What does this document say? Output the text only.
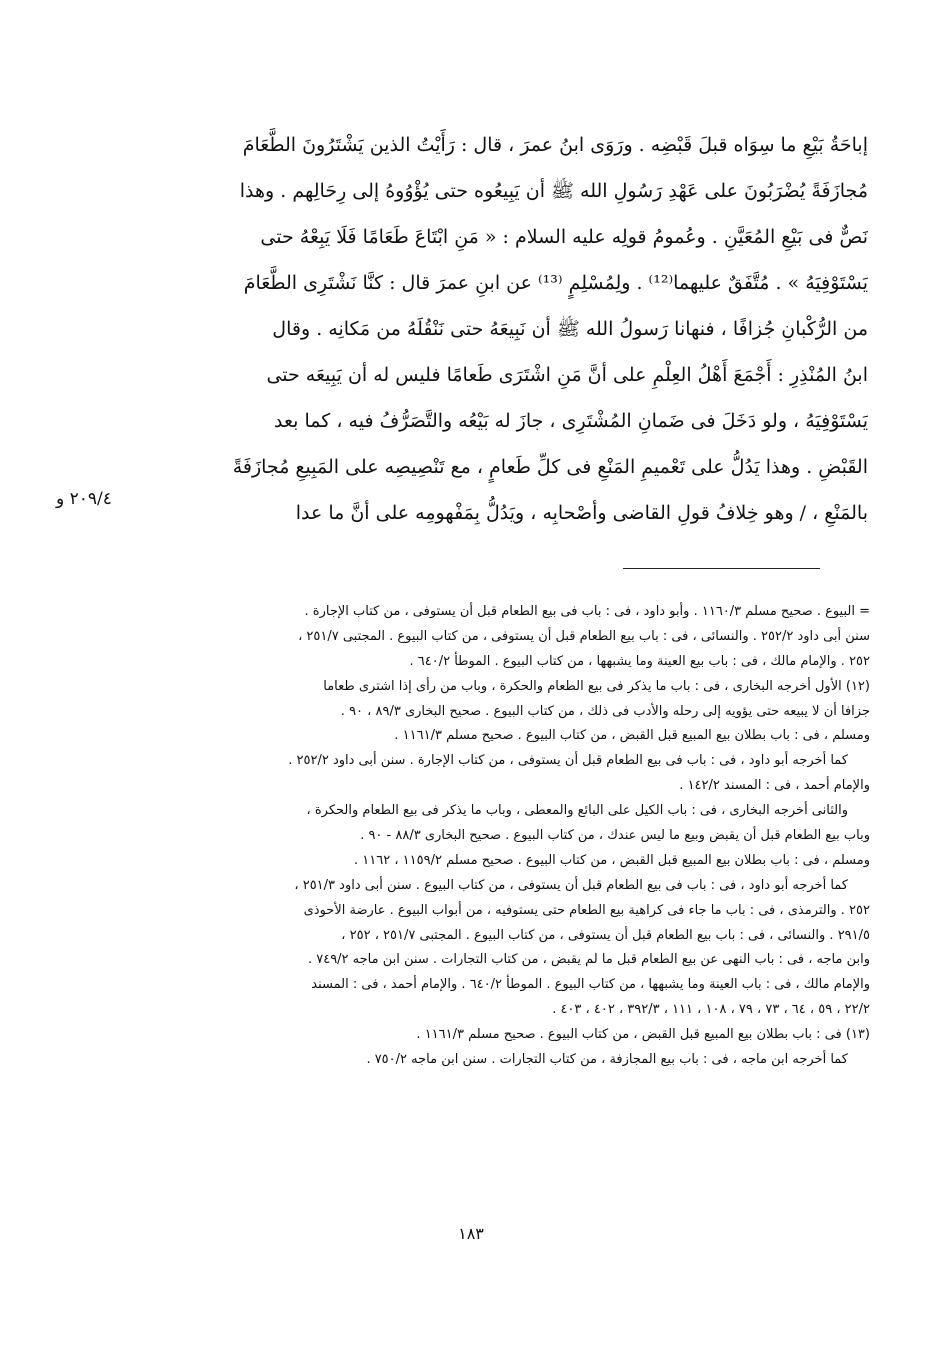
إباحَةُ بَيْعِ ما سِوَاه قبلَ قَبْضِه . ورَوَى ابنُ عمرَ ، قال : رَأَيْتُ الذين يَشْتَرُونَ الطَّعَامَ
مُجازَفَةً يُضْرَبُونَ على عَهْدِ رَسُولِ الله ﷺ أن يَبِيعُوه حتى يُؤْوُوهُ إلى رِحَالِهم . وهذا
نَصٌّ فى بَيْعِ المُعَيَّنِ . وعُمومُ قولِه عليه السلام : « مَنِ ابْتَاعَ طَعَامًا فَلَا يَبِعْهُ حتى
يَسْتَوْفِيَهُ » . مُتَّفَقٌ عليهما⁽¹²⁾ . ولِمُسْلِمٍ ⁽¹³⁾ عن ابنِ عمرَ قال : كنَّا نَشْتَرِى الطَّعَامَ
من الرُّكْبانِ جُزافًا ، فنهانا رَسولُ الله ﷺ أن نَبِيعَهُ حتى نَنْقُلَهُ من مَكانِه . وقال
ابنُ المُنْذِرِ : أَجْمَعَ أَهْلُ العِلْمِ على أنَّ مَنِ اشْتَرَى طَعامًا فليس له أن يَبِيعَه حتى
يَسْتَوْفِيَهُ ، ولو دَخَلَ فى ضَمانِ المُشْتَرِى ، جازَ له بَيْعُه والتَّصَرُّفُ فيه ، كما بعد
القَبْضِ . وهذا يَدُلُّ على تَعْميمِ المَنْعِ فى كلِّ طَعامٍ ، مع تَنْصِيصِه على المَبِيعِ مُجازَفَةً
بالمَنْعِ ، / وهو خِلافُ قولِ القاضى وأصْحابِه ، ويَدُلُّ بِمَفْهومِه على أنَّ ما عدا
٢٠٩/٤ و
= البيوع . صحيح مسلم ١١٦٠/٣ . وأبو داود ، فى : باب فى بيع الطعام قبل أن يستوفى ، من كتاب الإجارة .
سنن أبى داود ٢٥٢/٢ . والنسائى ، فى : باب بيع الطعام قبل أن يستوفى ، من كتاب البيوع . المجتبى ٢٥١/٧ ،
٢٥٢ . والإمام مالك ، فى : باب بيع العينة وما يشبهها ، من كتاب البيوع . الموطأ ٦٤٠/٢ .
(١٢) الأول أخرجه البخارى ، فى : باب ما يذكر فى بيع الطعام والحكرة ، وباب من رأى إذا اشترى طعاما
جزافا أن لا يبيعه حتى يؤويه إلى رحله والأدب فى ذلك ، من كتاب البيوع . صحيح البخارى ٨٩/٣ ، ٩٠ .
ومسلم ، فى : باب بطلان بيع المبيع قبل القبض ، من كتاب البيوع . صحيح مسلم ١١٦١/٣ .
كما أخرجه أبو داود ، فى : باب فى بيع الطعام قبل أن يستوفى ، من كتاب الإجارة . سنن أبى داود ٢٥٢/٢ .
والإمام أحمد ، فى : المسند ١٤٢/٢ .
والثانى أخرجه البخارى ، فى : باب الكيل على البائع والمعطى ، وباب ما يذكر فى بيع الطعام والحكرة ،
وباب بيع الطعام قبل أن يقبض وبيع ما ليس عندك ، من كتاب البيوع . صحيح البخارى ٨٨/٣ - ٩٠ .
ومسلم ، فى : باب بطلان بيع المبيع قبل القبض ، من كتاب البيوع . صحيح مسلم ١١٥٩/٢ ، ١١٦٢ .
كما أخرجه أبو داود ، فى : باب فى بيع الطعام قبل أن يستوفى ، من كتاب البيوع . سنن أبى داود ٢٥١/٣ ،
٢٥٢ . والترمذى ، فى : باب ما جاء فى كراهية بيع الطعام حتى يستوفيه ، من أبواب البيوع . عارضة الأحوذى
٢٩١/٥ . والنسائى ، فى : باب بيع الطعام قبل أن يستوفى ، من كتاب البيوع . المجتبى ٢٥١/٧ ، ٢٥٢ ،
وابن ماجه ، فى : باب النهى عن بيع الطعام قبل ما لم يقبض ، من كتاب التجارات . سنن ابن ماجه ٧٤٩/٢ .
والإمام مالك ، فى : باب العينة وما يشبهها ، من كتاب البيوع . الموطأ ٦٤٠/٢ . والإمام أحمد ، فى : المسند
٢٢/٢ ، ٥٩ ، ٦٤ ، ٧٣ ، ٧٩ ، ١٠٨ ، ١١١ ، ٣٩٢/٣ ، ٤٠٢ ، ٤٠٣ .
(١٣) فى : باب بطلان بيع المبيع قبل القبض ، من كتاب البيوع . صحيح مسلم ١١٦١/٣ .
كما أخرجه ابن ماجه ، فى : باب بيع المجازفة ، من كتاب التجارات . سنن ابن ماجه ٧٥٠/٢ .
١٨٣
